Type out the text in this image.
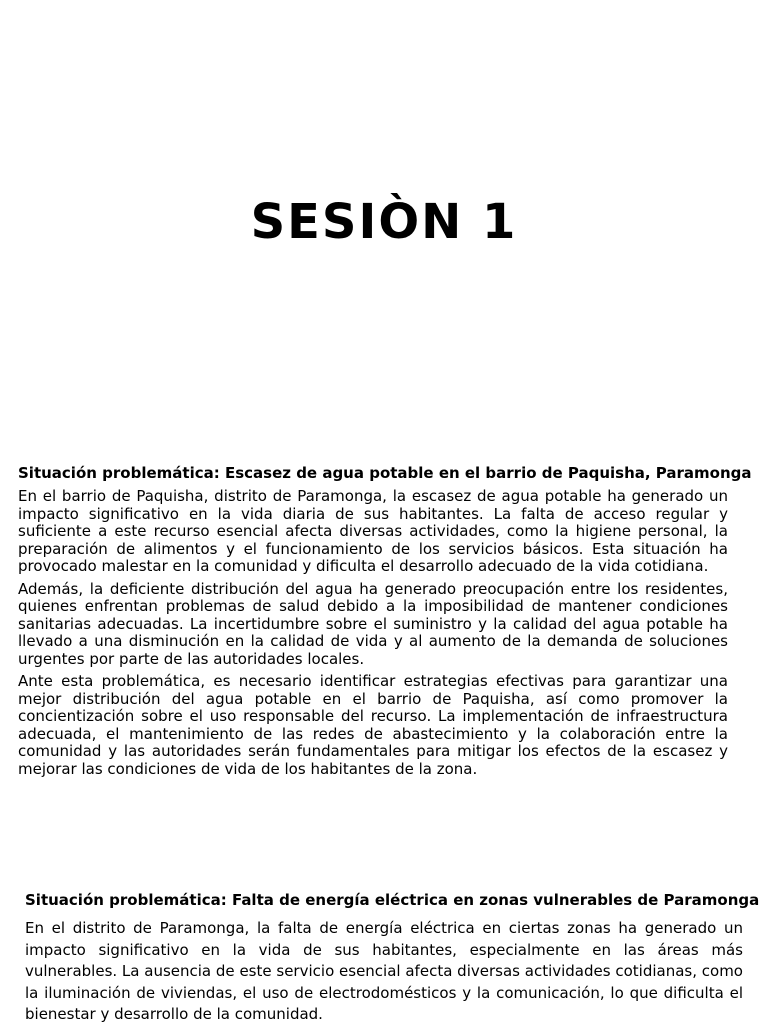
SESIÒN 1
Situación problemática: Escasez de agua potable en el barrio de Paquisha, Paramonga

En el barrio de Paquisha, distrito de Paramonga, la escasez de agua potable ha generado un impacto significativo en la vida diaria de sus habitantes. La falta de acceso regular y suficiente a este recurso esencial afecta diversas actividades, como la higiene personal, la preparación de alimentos y el funcionamiento de los servicios básicos. Esta situación ha provocado malestar en la comunidad y dificulta el desarrollo adecuado de la vida cotidiana.

Además, la deficiente distribución del agua ha generado preocupación entre los residentes, quienes enfrentan problemas de salud debido a la imposibilidad de mantener condiciones sanitarias adecuadas. La incertidumbre sobre el suministro y la calidad del agua potable ha llevado a una disminución en la calidad de vida y al aumento de la demanda de soluciones urgentes por parte de las autoridades locales.

Ante esta problemática, es necesario identificar estrategias efectivas para garantizar una mejor distribución del agua potable en el barrio de Paquisha, así como promover la concientización sobre el uso responsable del recurso. La implementación de infraestructura adecuada, el mantenimiento de las redes de abastecimiento y la colaboración entre la comunidad y las autoridades serán fundamentales para mitigar los efectos de la escasez y mejorar las condiciones de vida de los habitantes de la zona.

Situación problemática: Falta de energía eléctrica en zonas vulnerables de Paramonga

En el distrito de Paramonga, la falta de energía eléctrica en ciertas zonas ha generado un impacto significativo en la vida de sus habitantes, especialmente en las áreas más vulnerables. La ausencia de este servicio esencial afecta diversas actividades cotidianas, como la iluminación de viviendas, el uso de electrodomésticos y la comunicación, lo que dificulta el bienestar y desarrollo de la comunidad.
